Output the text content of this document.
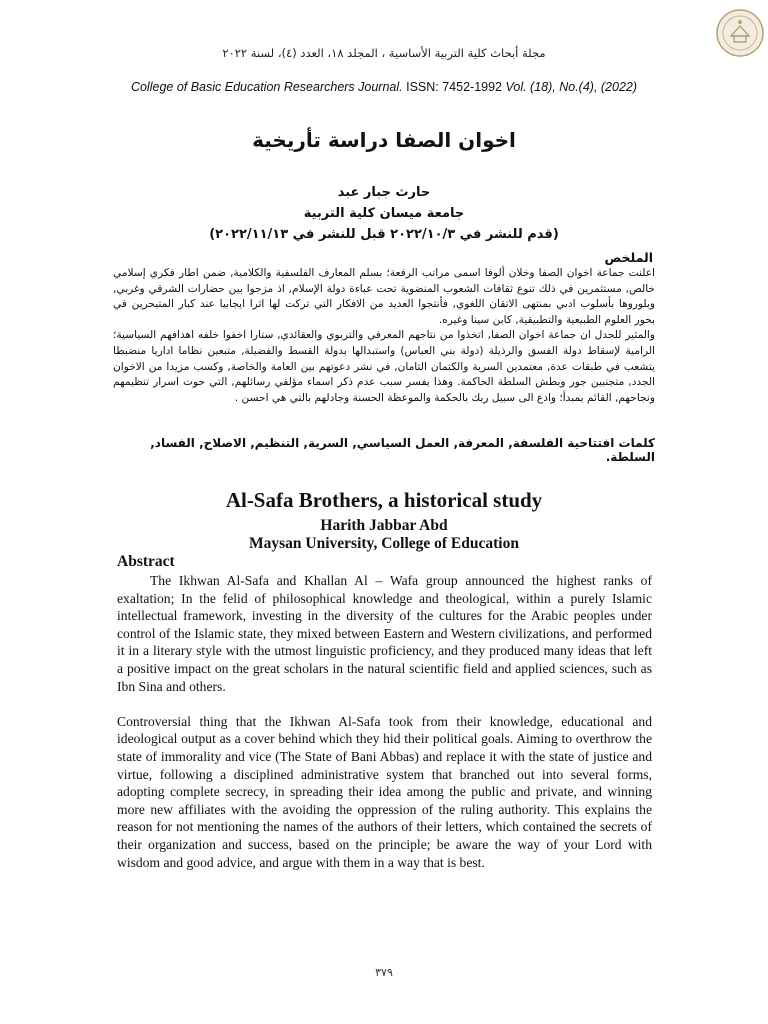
مجلة أبحاث كلية التربية الأساسية ، المجلد ١٨، العدد (٤)، لسنة ٢٠٢٢
College of Basic Education Researchers Journal. ISSN: 7452-1992 Vol. (18), No.(4), (2022)
اخوان الصفا دراسة تأريخية
حارث جبار عبد
جامعة ميسان كلية التربية
(قدم للنشر في ٢٠٢٢/١٠/٣ قبل للنشر في ٢٠٢٢/١١/١٣)
الملخص

اعلنت جماعة اخوان الصفا وخلان ألوفا اسمى مراتب الرفعة؛ بسلم المعارف الفلسفية والكلامية, ضمن اطار فكري إسلامي خالص, مستثمرين في ذلك تنوع ثقافات الشعوب المنضوية تحت عباءة دولة الإسلام, اذ مزجوا بين حضارات الشرقي وغربي, وبلوروها بأسلوب ادبي بمنتهى الاتقان اللغوي, فأنتجوا العديد من الافكار التي تركت لها اثرا ايجابيا عند كبار المتبحرين في بحور العلوم الطبيعية والتطبيقية, كابن سينا وغيره.

والمثير للجدل ان جماعة اخوان الصفا, اتخذوا من نتاجهم المعرفي والتربوي والعقائدي, ستارا اخفوا خلفه اهدافهم السياسية؛ الرامية لإسقاط دولة الفسق والرذيلة (دولة بني العباس) واستبدالها بدولة القسط والفضيلة, متبعين نظاما اداريا منضبطا يتشعب في طبقات عدة, معتمدين السرية والكتمان التامان, في نشر دعوتهم بين العامة والخاصة, وكسب مزيدا من الاخوان الجدد, متجنبين جور وبطش السلطة الحاكمة. وهذا يفسر سبب عدم ذكر اسماء مؤلفي رسائلهم, التي حوت اسرار تنظيمهم ونجاحهم, القائم بمبدأ؛ وادع الى سبيل ربك بالحكمة والموعظة الحسنة وجادلهم بالتي هي احسن .

كلمات افتتاحية الفلسفة, المعرفة, العمل السياسي, السرية, التنظيم, الاصلاح, الفساد, السلطة.
Al-Safa Brothers, a historical study
Harith Jabbar Abd
Maysan University, College of Education
Abstract

The Ikhwan Al-Safa and Khallan Al – Wafa group announced the highest ranks of exaltation; In the felid of philosophical knowledge and theological, within a purely Islamic intellectual framework, investing in the diversity of the cultures for the Arabic peoples under control of the Islamic state, they mixed between Eastern and Western civilizations, and performed it in a literary style with the utmost linguistic proficiency, and they produced many ideas that left a positive impact on the great scholars in the natural scientific field and applied sciences, such as Ibn Sina and others.

Controversial thing that the Ikhwan Al-Safa took from their knowledge, educational and ideological output as a cover behind which they hid their political goals. Aiming to overthrow the state of immorality and vice (The State of Bani Abbas) and replace it with the state of justice and virtue, following a disciplined administrative system that branched out into several forms, adopting complete secrecy, in spreading their idea among the public and private, and winning more new affiliates with the avoiding the oppression of the ruling authority. This explains the reason for not mentioning the names of the authors of their letters, which contained the secrets of their organization and success, based on the principle; be aware the way of your Lord with wisdom and good advice, and argue with them in a way that is best.

٣٧٩
